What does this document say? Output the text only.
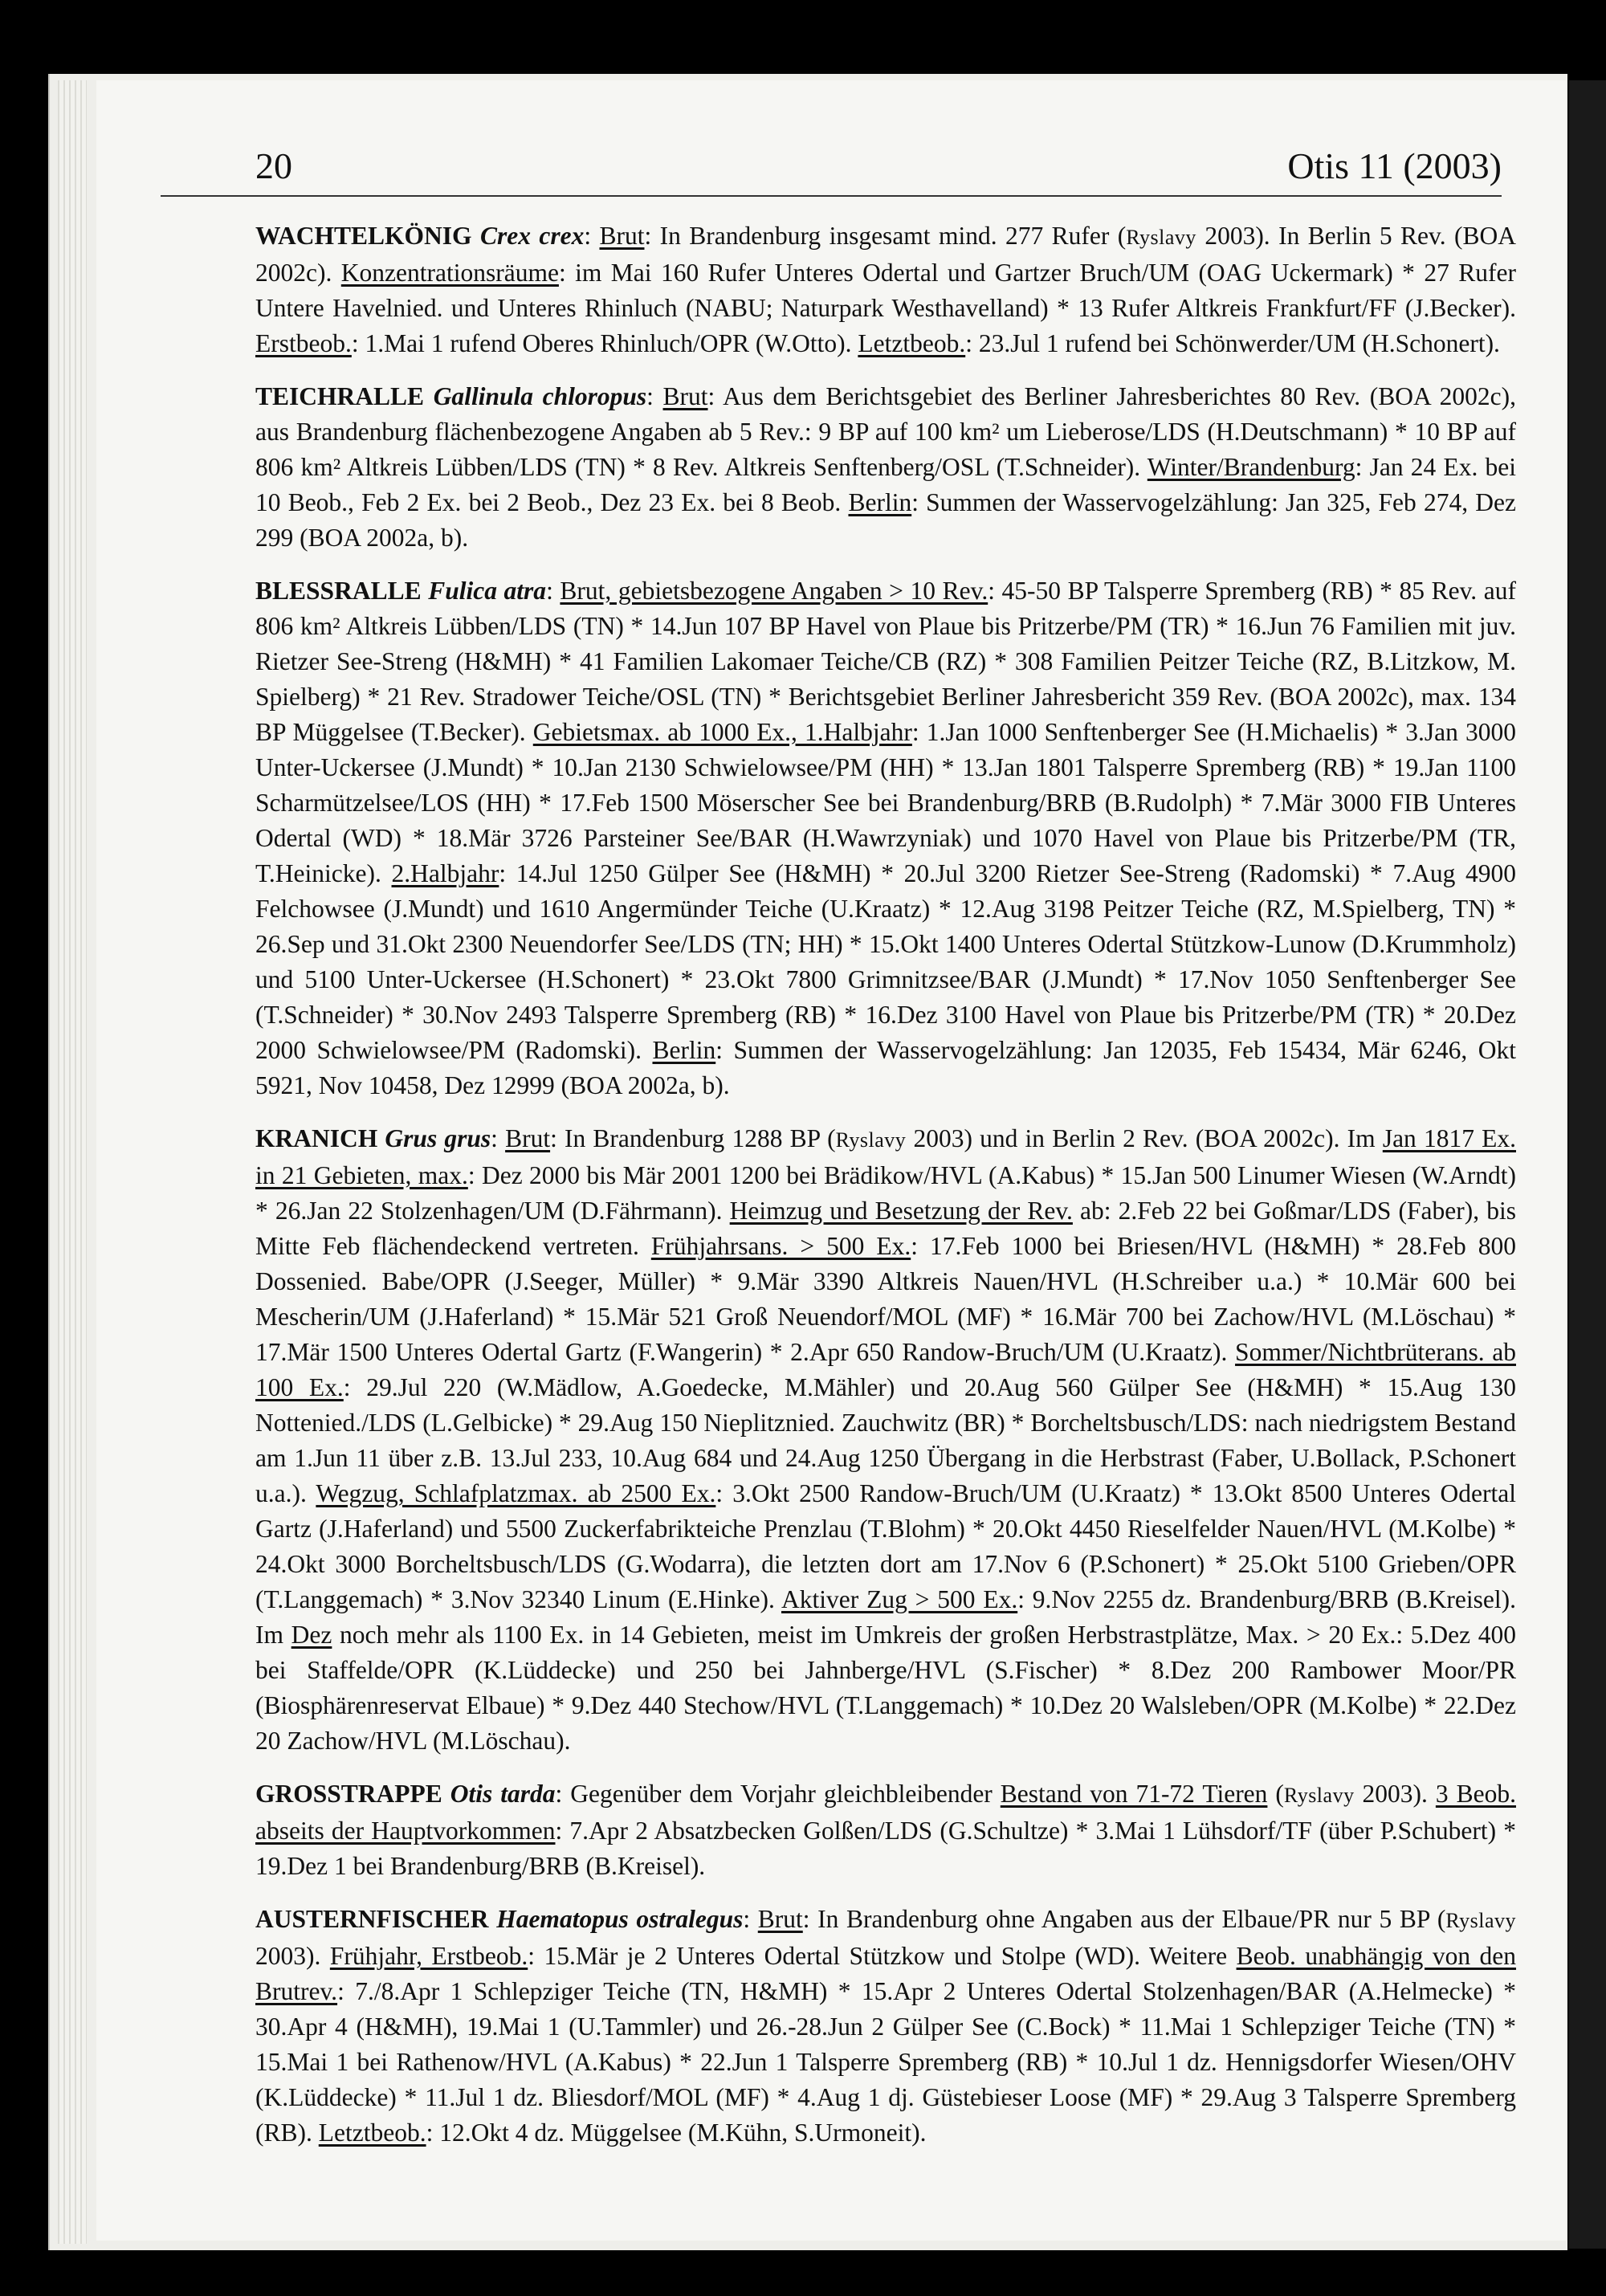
20	Otis 11 (2003)

WACHTELKÖNIG Crex crex: Brut: In Brandenburg insgesamt mind. 277 Rufer (Ryslavy 2003). In Berlin 5 Rev. (BOA 2002c). Konzentrationsräume: im Mai 160 Rufer Unteres Odertal und Gartzer Bruch/UM (OAG Uckermark) * 27 Rufer Untere Havelnied. und Unteres Rhinluch (NABU; Naturpark Westhavelland) * 13 Rufer Altkreis Frankfurt/FF (J.Becker). Erstbeob.: 1.Mai 1 rufend Oberes Rhinluch/OPR (W.Otto). Letztbeob.: 23.Jul 1 rufend bei Schönwerder/UM (H.Schonert).

TEICHRALLE Gallinula chloropus: Brut: Aus dem Berichtsgebiet des Berliner Jahresberichtes 80 Rev. (BOA 2002c), aus Brandenburg flächenbezogene Angaben ab 5 Rev.: 9 BP auf 100 km² um Lieberose/LDS (H.Deutschmann) * 10 BP auf 806 km² Altkreis Lübben/LDS (TN) * 8 Rev. Altkreis Senftenberg/OSL (T.Schneider). Winter/Brandenburg: Jan 24 Ex. bei 10 Beob., Feb 2 Ex. bei 2 Beob., Dez 23 Ex. bei 8 Beob. Berlin: Summen der Wasservogelzählung: Jan 325, Feb 274, Dez 299 (BOA 2002a, b).

BLESSRALLE Fulica atra: Brut, gebietsbezogene Angaben > 10 Rev.: 45-50 BP Talsperre Spremberg (RB) * 85 Rev. auf 806 km² Altkreis Lübben/LDS (TN) * 14.Jun 107 BP Havel von Plaue bis Pritzerbe/PM (TR) * 16.Jun 76 Familien mit juv. Rietzer See-Streng (H&MH) * 41 Familien Lakomaer Teiche/CB (RZ) * 308 Familien Peitzer Teiche (RZ, B.Litzkow, M. Spielberg) * 21 Rev. Stradower Teiche/OSL (TN) * Berichtsgebiet Berliner Jahresbericht 359 Rev. (BOA 2002c), max. 134 BP Müggelsee (T.Becker). Gebietsmax. ab 1000 Ex., 1.Halbjahr: 1.Jan 1000 Senftenberger See (H.Michaelis) * 3.Jan 3000 Unter-Uckersee (J.Mundt) * 10.Jan 2130 Schwielowsee/PM (HH) * 13.Jan 1801 Talsperre Spremberg (RB) * 19.Jan 1100 Scharmützelsee/LOS (HH) * 17.Feb 1500 Möserscher See bei Brandenburg/BRB (B.Rudolph) * 7.Mär 3000 FIB Unteres Odertal (WD) * 18.Mär 3726 Parsteiner See/BAR (H.Wawrzyniak) und 1070 Havel von Plaue bis Pritzerbe/PM (TR, T.Heinicke). 2.Halbjahr: 14.Jul 1250 Gülper See (H&MH) * 20.Jul 3200 Rietzer See-Streng (Radomski) * 7.Aug 4900 Felchowsee (J.Mundt) und 1610 Angermünder Teiche (U.Kraatz) * 12.Aug 3198 Peitzer Teiche (RZ, M.Spielberg, TN) * 26.Sep und 31.Okt 2300 Neuendorfer See/LDS (TN; HH) * 15.Okt 1400 Unteres Odertal Stützkow-Lunow (D.Krummholz) und 5100 Unter-Uckersee (H.Schonert) * 23.Okt 7800 Grimnitzsee/BAR (J.Mundt) * 17.Nov 1050 Senftenberger See (T.Schneider) * 30.Nov 2493 Talsperre Spremberg (RB) * 16.Dez 3100 Havel von Plaue bis Pritzerbe/PM (TR) * 20.Dez 2000 Schwielowsee/PM (Radomski). Berlin: Summen der Wasservogelzählung: Jan 12035, Feb 15434, Mär 6246, Okt 5921, Nov 10458, Dez 12999 (BOA 2002a, b).

KRANICH Grus grus: Brut: In Brandenburg 1288 BP (Ryslavy 2003) und in Berlin 2 Rev. (BOA 2002c). Im Jan 1817 Ex. in 21 Gebieten, max.: Dez 2000 bis Mär 2001 1200 bei Brädikow/HVL (A.Kabus) * 15.Jan 500 Linumer Wiesen (W.Arndt) * 26.Jan 22 Stolzenhagen/UM (D.Fährmann). Heimzug und Besetzung der Rev. ab: 2.Feb 22 bei Goßmar/LDS (Faber), bis Mitte Feb flächendeckend vertreten. Frühjahrsans. > 500 Ex.: 17.Feb 1000 bei Briesen/HVL (H&MH) * 28.Feb 800 Dossenied. Babe/OPR (J.Seeger, Müller) * 9.Mär 3390 Altkreis Nauen/HVL (H.Schreiber u.a.) * 10.Mär 600 bei Mescherin/UM (J.Haferland) * 15.Mär 521 Groß Neuendorf/MOL (MF) * 16.Mär 700 bei Zachow/HVL (M.Löschau) * 17.Mär 1500 Unteres Odertal Gartz (F.Wangerin) * 2.Apr 650 Randow-Bruch/UM (U.Kraatz). Sommer/Nichtbrüterans. ab 100 Ex.: 29.Jul 220 (W.Mädlow, A.Goedecke, M.Mähler) und 20.Aug 560 Gülper See (H&MH) * 15.Aug 130 Nottenied./LDS (L.Gelbicke) * 29.Aug 150 Nieplitznied. Zauchwitz (BR) * Borcheltsbusch/LDS: nach niedrigstem Bestand am 1.Jun 11 über z.B. 13.Jul 233, 10.Aug 684 und 24.Aug 1250 Übergang in die Herbstrast (Faber, U.Bollack, P.Schonert u.a.). Wegzug, Schlafplatzmax. ab 2500 Ex.: 3.Okt 2500 Randow-Bruch/UM (U.Kraatz) * 13.Okt 8500 Unteres Odertal Gartz (J.Haferland) und 5500 Zuckerfabrikteiche Prenzlau (T.Blohm) * 20.Okt 4450 Rieselfelder Nauen/HVL (M.Kolbe) * 24.Okt 3000 Borcheltsbusch/LDS (G.Wodarra), die letzten dort am 17.Nov 6 (P.Schonert) * 25.Okt 5100 Grieben/OPR (T.Langgemach) * 3.Nov 32340 Linum (E.Hinke). Aktiver Zug > 500 Ex.: 9.Nov 2255 dz. Brandenburg/BRB (B.Kreisel). Im Dez noch mehr als 1100 Ex. in 14 Gebieten, meist im Umkreis der großen Herbstrastplätze, Max. > 20 Ex.: 5.Dez 400 bei Staffelde/OPR (K.Lüddecke) und 250 bei Jahnberge/HVL (S.Fischer) * 8.Dez 200 Rambower Moor/PR (Biosphärenreservat Elbaue) * 9.Dez 440 Stechow/HVL (T.Langgemach) * 10.Dez 20 Walsleben/OPR (M.Kolbe) * 22.Dez 20 Zachow/HVL (M.Löschau).

GROSSTRAPPE Otis tarda: Gegenüber dem Vorjahr gleichbleibender Bestand von 71-72 Tieren (Ryslavy 2003). 3 Beob. abseits der Hauptvorkommen: 7.Apr 2 Absatzbecken Golßen/LDS (G.Schultze) * 3.Mai 1 Lühsdorf/TF (über P.Schubert) * 19.Dez 1 bei Brandenburg/BRB (B.Kreisel).

AUSTERNFISCHER Haematopus ostralegus: Brut: In Brandenburg ohne Angaben aus der Elbaue/PR nur 5 BP (Ryslavy 2003). Frühjahr, Erstbeob.: 15.Mär je 2 Unteres Odertal Stützkow und Stolpe (WD). Weitere Beob. unabhängig von den Brutrev.: 7./8.Apr 1 Schlepziger Teiche (TN, H&MH) * 15.Apr 2 Unteres Odertal Stolzenhagen/BAR (A.Helmecke) * 30.Apr 4 (H&MH), 19.Mai 1 (U.Tammler) und 26.-28.Jun 2 Gülper See (C.Bock) * 11.Mai 1 Schlepziger Teiche (TN) * 15.Mai 1 bei Rathenow/HVL (A.Kabus) * 22.Jun 1 Talsperre Spremberg (RB) * 10.Jul 1 dz. Hennigsdorfer Wiesen/OHV (K.Lüddecke) * 11.Jul 1 dz. Bliesdorf/MOL (MF) * 4.Aug 1 dj. Güstebieser Loose (MF) * 29.Aug 3 Talsperre Spremberg (RB). Letztbeob.: 12.Okt 4 dz. Müggelsee (M.Kühn, S.Urmoneit).
